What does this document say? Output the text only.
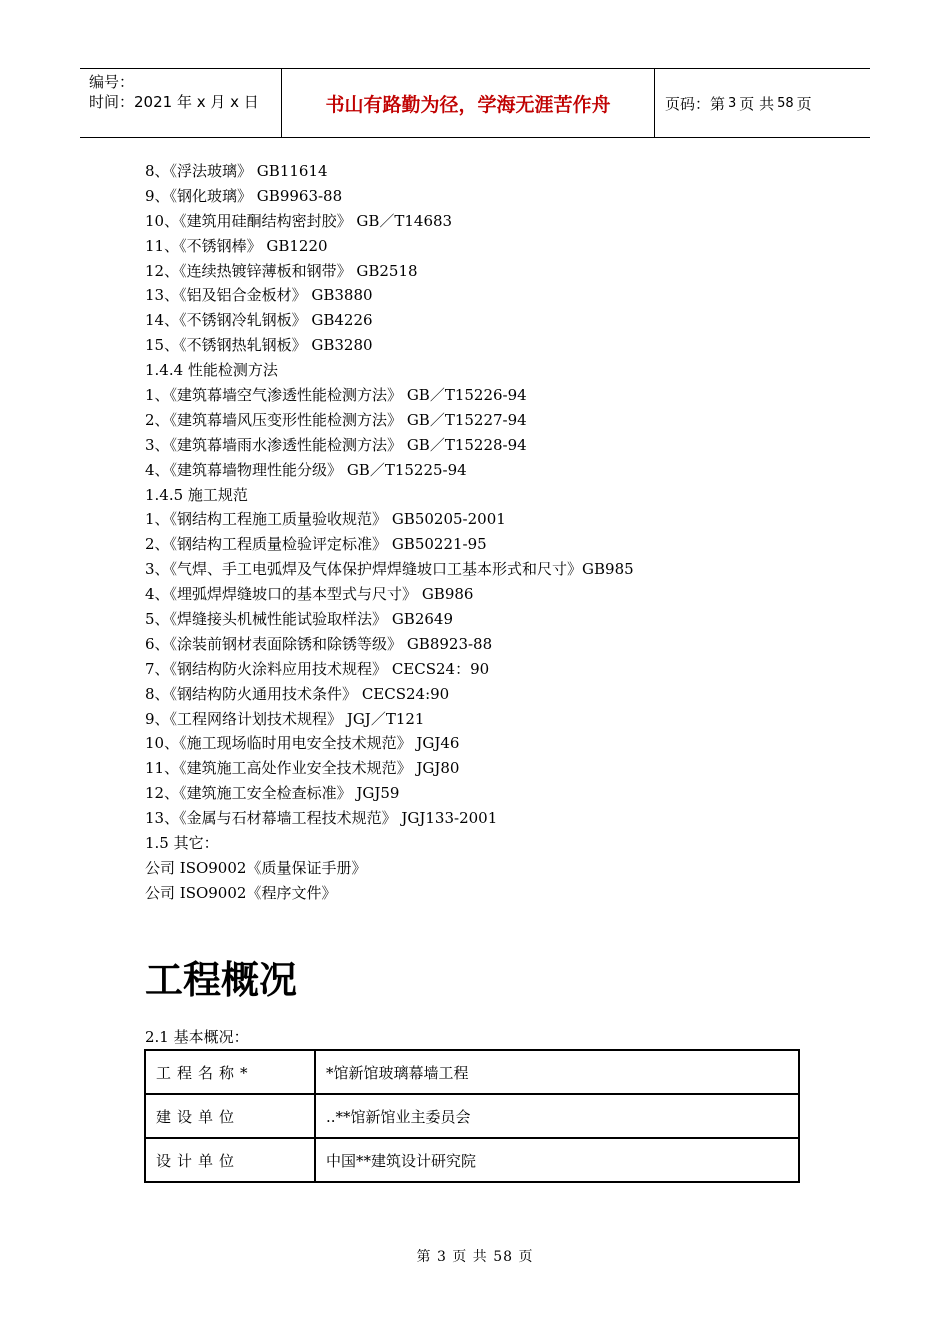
编号：
时间：2021 年 x 月 x 日	书山有路勤为径，学海无涯苦作舟	页码：第 3 页 共 58 页
8、《浮法玻璃》 GB11614
9、《钢化玻璃》 GB9963-88
10、《建筑用硅酮结构密封胶》 GB／T14683
11、《不锈钢棒》 GB1220
12、《连续热镀锌薄板和钢带》 GB2518
13、《铝及铝合金板材》 GB3880
14、《不锈钢冷轧钢板》 GB4226
15、《不锈钢热轧钢板》 GB3280
1.4.4 性能检测方法
1、《建筑幕墙空气渗透性能检测方法》 GB／T15226-94
2、《建筑幕墙风压变形性能检测方法》 GB／T15227-94
3、《建筑幕墙雨水渗透性能检测方法》 GB／T15228-94
4、《建筑幕墙物理性能分级》 GB／T15225-94
1.4.5 施工规范
1、《钢结构工程施工质量验收规范》 GB50205-2001
2、《钢结构工程质量检验评定标准》 GB50221-95
3、《气焊、手工电弧焊及气体保护焊焊缝坡口工基本形式和尺寸》GB985
4、《埋弧焊焊缝坡口的基本型式与尺寸》 GB986
5、《焊缝接头机械性能试验取样法》 GB2649
6、《涂装前钢材表面除锈和除锈等级》 GB8923-88
7、《钢结构防火涂料应用技术规程》 CECS24：90
8、《钢结构防火通用技术条件》 CECS24:90
9、《工程网络计划技术规程》 JGJ／T121
10、《施工现场临时用电安全技术规范》 JGJ46
11、《建筑施工高处作业安全技术规范》 JGJ80
12、《建筑施工安全检查标准》 JGJ59
13、《金属与石材幕墙工程技术规范》 JGJ133-2001
1.5 其它：
公司 ISO9002《质量保证手册》
公司 ISO9002《程序文件》
工程概况
2.1 基本概况：
工程名称*	*馆新馆玻璃幕墙工程
建设单位	..**馆新馆业主委员会
设计单位	中国**建筑设计研究院
第 3 页 共 58 页
